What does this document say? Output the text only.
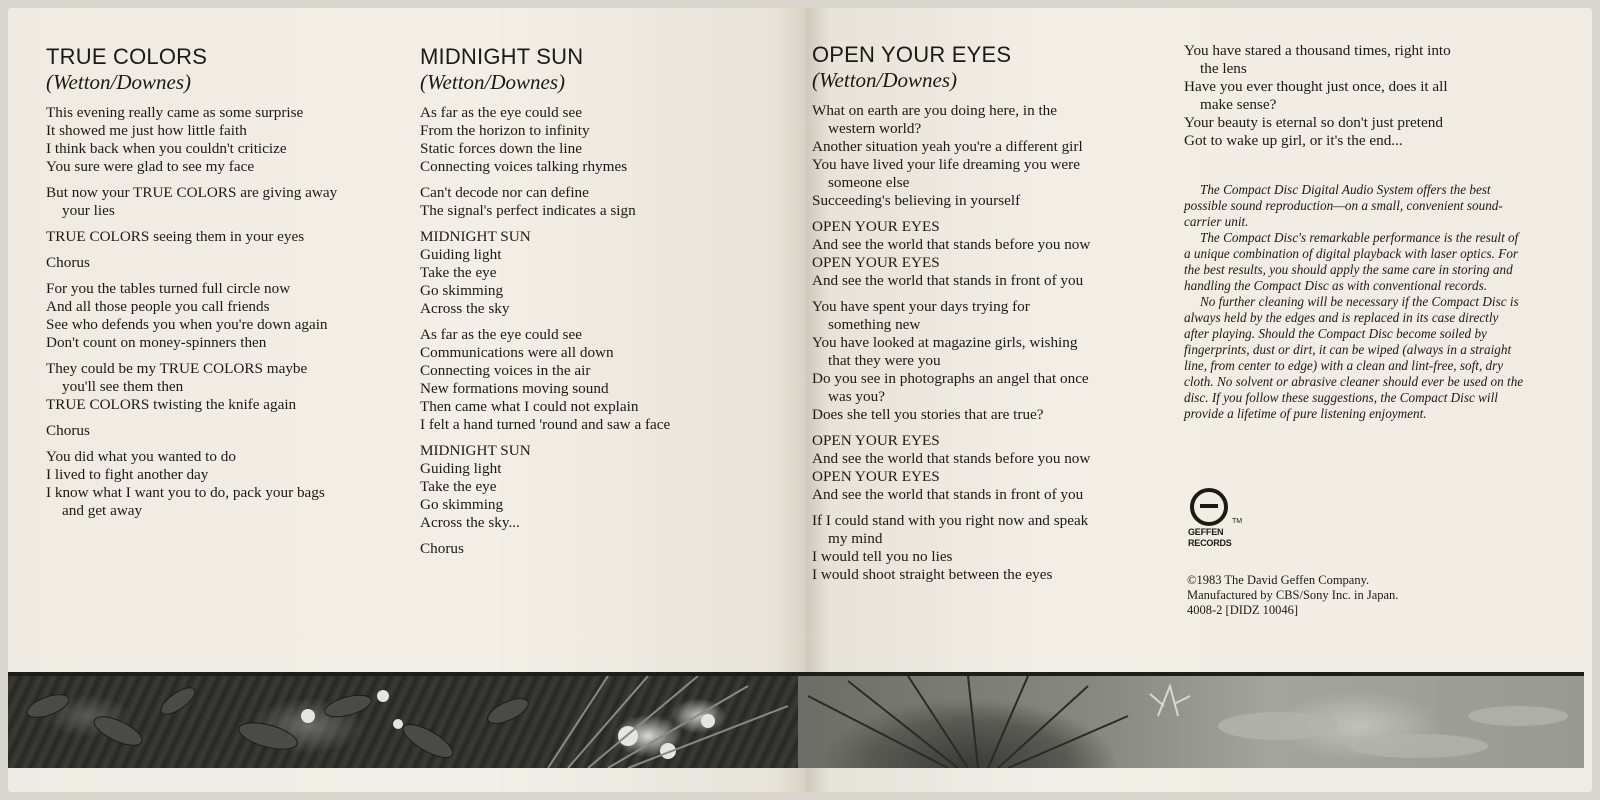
TRUE COLORS
(Wetton/Downes)

This evening really came as some surprise

It showed me just how little faith

I think back when you couldn't criticize

You sure were glad to see my face

But now your TRUE COLORS are giving away

your lies

TRUE COLORS seeing them in your eyes

Chorus

For you the tables turned full circle now

And all those people you call friends

See who defends you when you're down again

Don't count on money-spinners then

They could be my TRUE COLORS maybe

you'll see them then

TRUE COLORS twisting the knife again

Chorus

You did what you wanted to do

I lived to fight another day

I know what I want you to do, pack your bags

and get away

MIDNIGHT SUN
(Wetton/Downes)

As far as the eye could see

From the horizon to infinity

Static forces down the line

Connecting voices talking rhymes

Can't decode nor can define

The signal's perfect indicates a sign

MIDNIGHT SUN

Guiding light

Take the eye

Go skimming

Across the sky

As far as the eye could see

Communications were all down

Connecting voices in the air

New formations moving sound

Then came what I could not explain

I felt a hand turned 'round and saw a face

MIDNIGHT SUN

Guiding light

Take the eye

Go skimming

Across the sky...

Chorus

OPEN YOUR EYES
(Wetton/Downes)

What on earth are you doing here, in the

western world?

Another situation yeah you're a different girl

You have lived your life dreaming you were

someone else

Succeeding's believing in yourself

OPEN YOUR EYES

And see the world that stands before you now

OPEN YOUR EYES

And see the world that stands in front of you

You have spent your days trying for

something new

You have looked at magazine girls, wishing

that they were you

Do you see in photographs an angel that once

was you?

Does she tell you stories that are true?

OPEN YOUR EYES

And see the world that stands before you now

OPEN YOUR EYES

And see the world that stands in front of you

If I could stand with you right now and speak

my mind

I would tell you no lies

I would shoot straight between the eyes

You have stared a thousand times, right into

the lens

Have you ever thought just once, does it all

make sense?

Your beauty is eternal so don't just pretend

Got to wake up girl, or it's the end...

The Compact Disc Digital Audio System offers the best possible sound reproduction—on a small, convenient sound-carrier unit.

The Compact Disc's remarkable performance is the result of a unique combination of digital playback with laser optics. For the best results, you should apply the same care in storing and handling the Compact Disc as with conventional records.

No further cleaning will be necessary if the Compact Disc is always held by the edges and is replaced in its case directly after playing. Should the Compact Disc become soiled by fingerprints, dust or dirt, it can be wiped (always in a straight line, from center to edge) with a clean and lint-free, soft, dry cloth. No solvent or abrasive cleaner should ever be used on the disc. If you follow these suggestions, the Compact Disc will provide a lifetime of pure listening enjoyment.

TM
GEFFEN
RECORDS
©1983 The David Geffen Company.
Manufactured by CBS/Sony Inc. in Japan.
4008-2 [DIDZ 10046]
